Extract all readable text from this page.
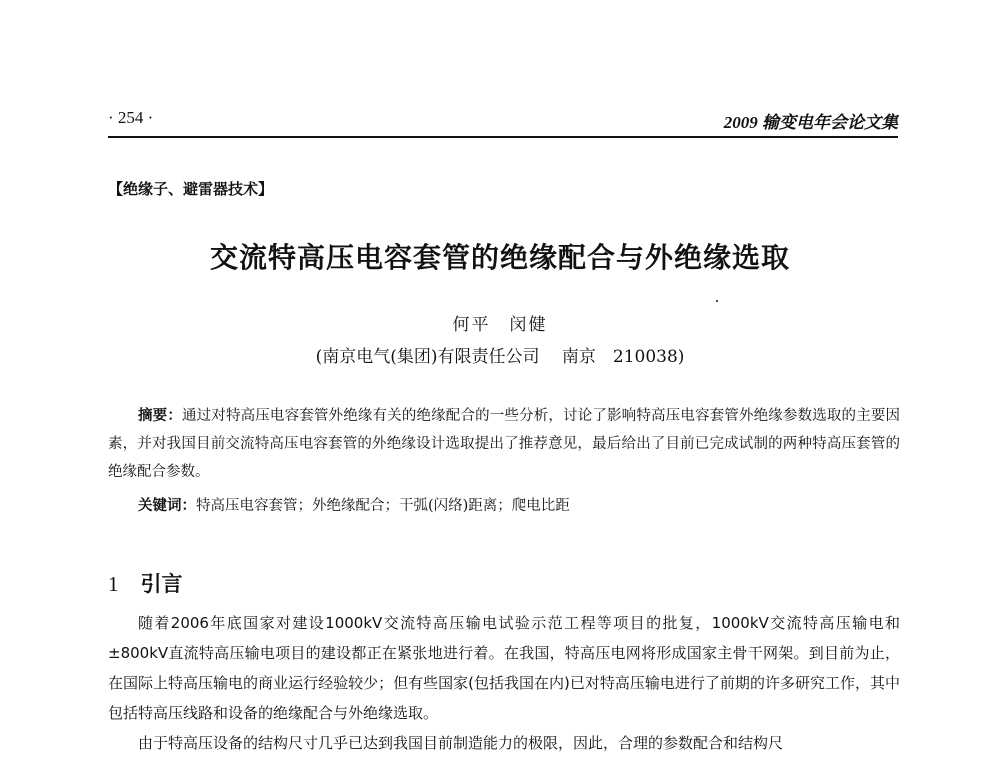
· 254 ·	2009 输变电年会论文集
【绝缘子、避雷器技术】
交流特高压电容套管的绝缘配合与外绝缘选取
何平　闵健
(南京电气(集团)有限责任公司　 南京　210038)
摘要：通过对特高压电容套管外绝缘有关的绝缘配合的一些分析，讨论了影响特高压电容套管外绝缘参数选取的主要因素，并对我国目前交流特高压电容套管的外绝缘设计选取提出了推荐意见，最后给出了目前已完成试制的两种特高压套管的绝缘配合参数。
关键词：特高压电容套管；外绝缘配合；干弧(闪络)距离；爬电比距
1 引言

随着2006年底国家对建设1000kV交流特高压输电试验示范工程等项目的批复，1000kV交流特高压输电和±800kV直流特高压输电项目的建设都正在紧张地进行着。在我国，特高压电网将形成国家主骨干网架。到目前为止，在国际上特高压输电的商业运行经验较少；但有些国家(包括我国在内)已对特高压输电进行了前期的许多研究工作，其中包括特高压线路和设备的绝缘配合与外绝缘选取。

由于特高压设备的结构尺寸几乎已达到我国目前制造能力的极限，因此，合理的参数配合和结构尺
